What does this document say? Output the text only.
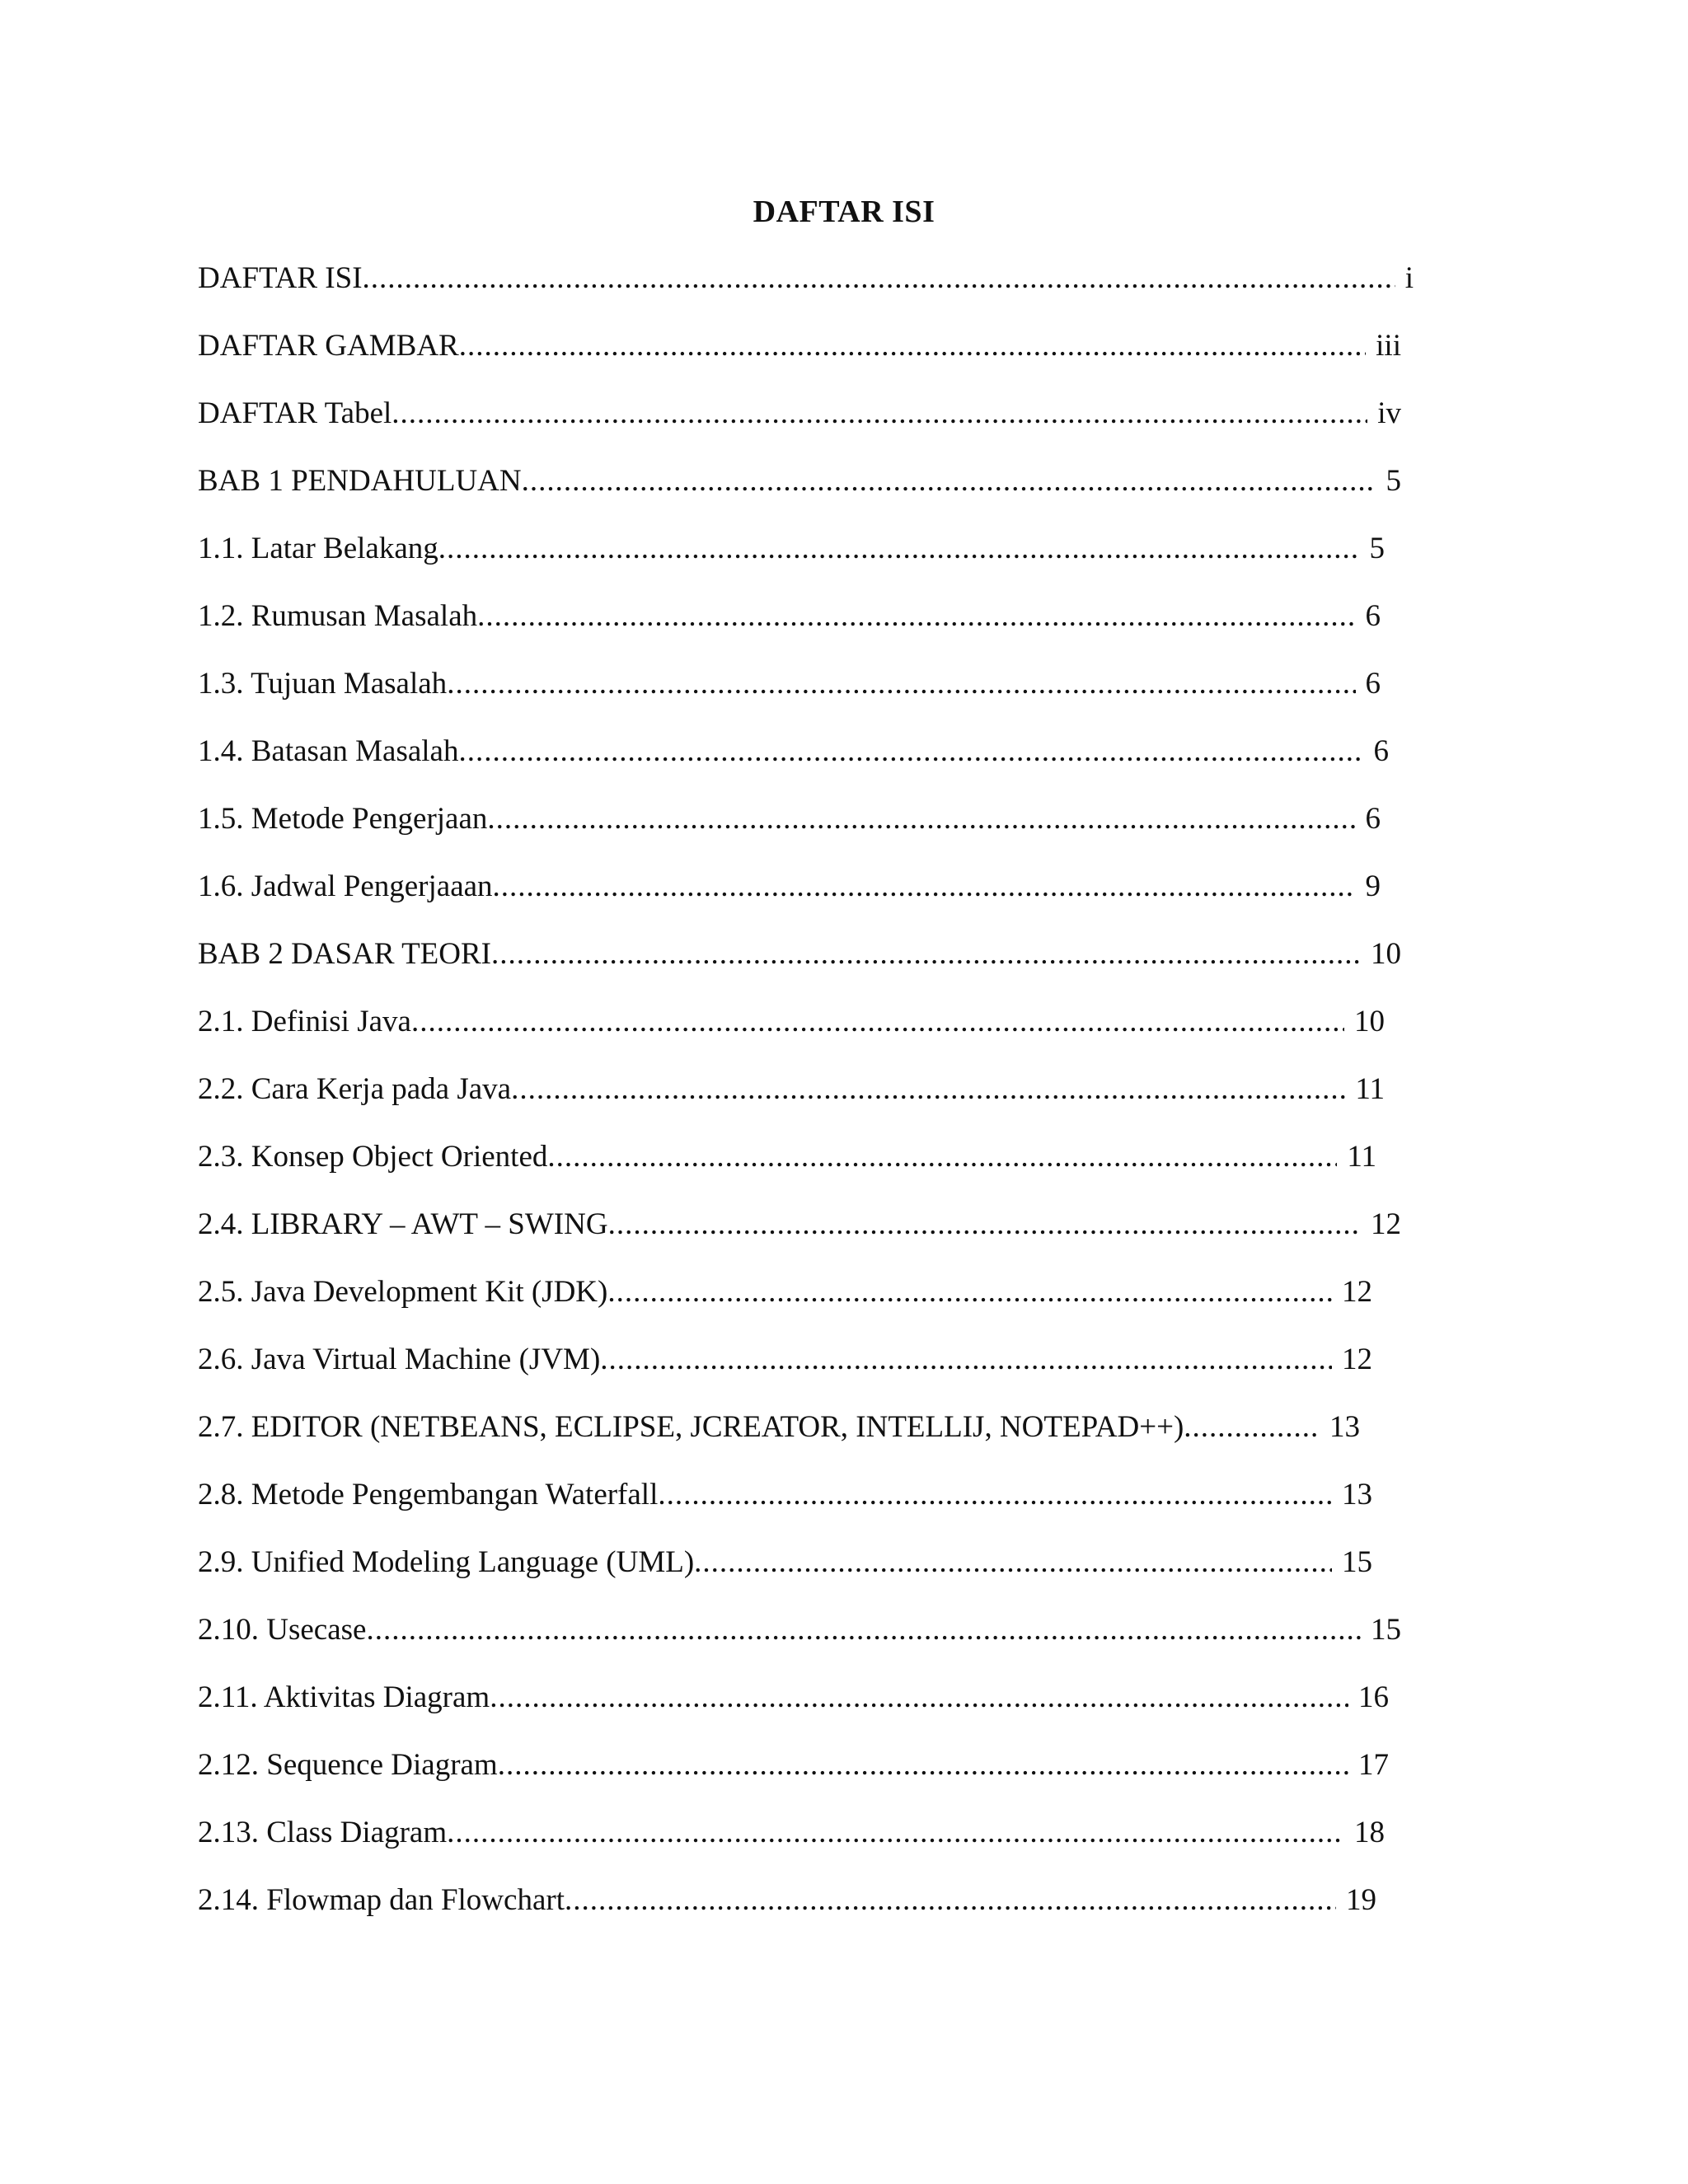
DAFTAR ISI
DAFTAR ISI .....	i
DAFTAR GAMBAR .....	iii
DAFTAR Tabel .....	iv
BAB 1 PENDAHULUAN .....	5
1.1. Latar Belakang .....	5
1.2. Rumusan Masalah .....	6
1.3. Tujuan Masalah .....	6
1.4. Batasan Masalah .....	6
1.5. Metode Pengerjaan .....	6
1.6. Jadwal Pengerjaaan .....	9
BAB 2 DASAR TEORI .....	10
2.1. Definisi Java .....	10
2.2. Cara Kerja pada Java .....	11
2.3. Konsep Object Oriented .....	11
2.4. LIBRARY – AWT – SWING .....	12
2.5. Java Development Kit (JDK) .....	12
2.6. Java Virtual Machine (JVM) .....	12
2.7. EDITOR (NETBEANS, ECLIPSE, JCREATOR, INTELLIJ, NOTEPAD++) .....	13
2.8. Metode Pengembangan Waterfall .....	13
2.9. Unified Modeling Language (UML) .....	15
2.10. Usecase .....	15
2.11. Aktivitas Diagram .....	16
2.12. Sequence Diagram .....	17
2.13. Class Diagram .....	18
2.14. Flowmap dan Flowchart .....	19
